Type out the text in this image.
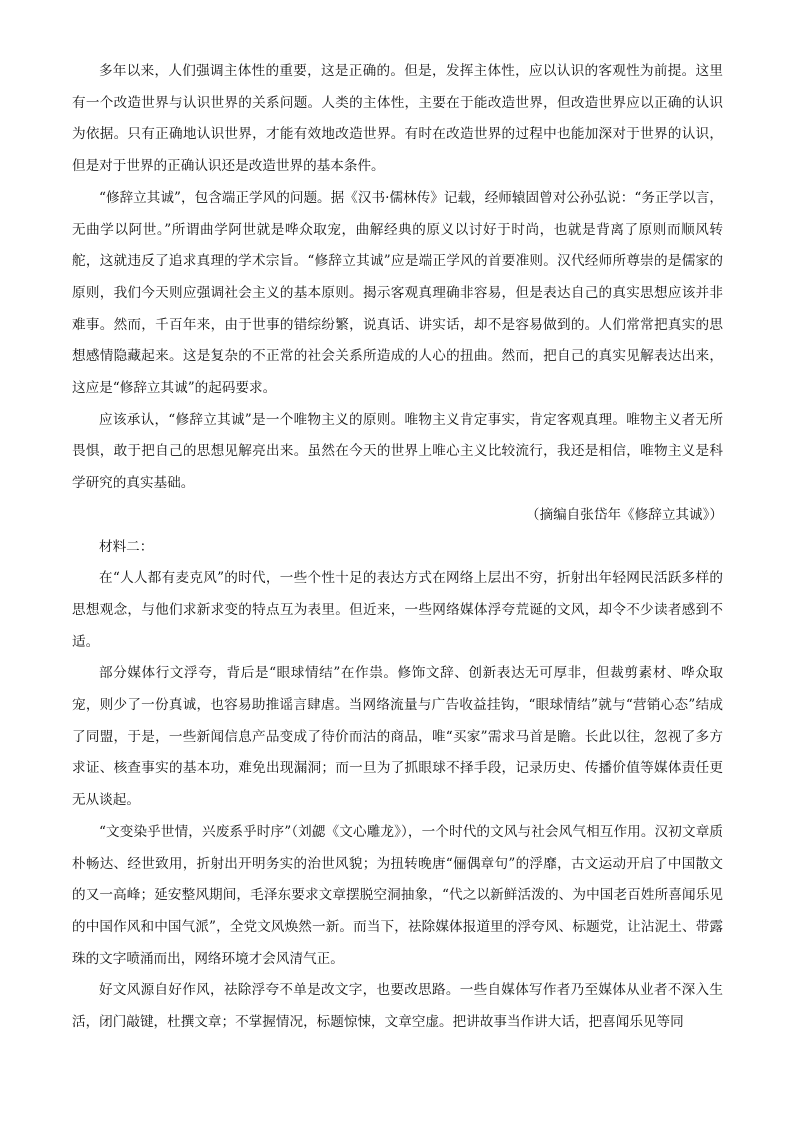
多年以来，人们强调主体性的重要，这是正确的。但是，发挥主体性，应以认识的客观性为前提。这里有一个改造世界与认识世界的关系问题。人类的主体性，主要在于能改造世界，但改造世界应以正确的认识为依据。只有正确地认识世界，才能有效地改造世界。有时在改造世界的过程中也能加深对于世界的认识，但是对于世界的正确认识还是改造世界的基本条件。

“修辞立其诚”，包含端正学风的问题。据《汉书·儒林传》记载，经师辕固曾对公孙弘说：“务正学以言，无曲学以阿世。”所谓曲学阿世就是哗众取宠，曲解经典的原义以讨好于时尚，也就是背离了原则而顺风转舵，这就违反了追求真理的学术宗旨。“修辞立其诚”应是端正学风的首要准则。汉代经师所尊崇的是儒家的原则，我们今天则应强调社会主义的基本原则。揭示客观真理确非容易，但是表达自己的真实思想应该并非难事。然而，千百年来，由于世事的错综纷繁，说真话、讲实话，却不是容易做到的。人们常常把真实的思想感情隐藏起来。这是复杂的不正常的社会关系所造成的人心的扭曲。然而，把自己的真实见解表达出来，这应是“修辞立其诚”的起码要求。

应该承认，“修辞立其诚”是一个唯物主义的原则。唯物主义肯定事实，肯定客观真理。唯物主义者无所畏惧，敢于把自己的思想见解亮出来。虽然在今天的世界上唯心主义比较流行，我还是相信，唯物主义是科学研究的真实基础。

（摘编自张岱年《修辞立其诚》）

材料二：

在“人人都有麦克风”的时代，一些个性十足的表达方式在网络上层出不穷，折射出年轻网民活跃多样的思想观念，与他们求新求变的特点互为表里。但近来，一些网络媒体浮夸荒诞的文风，却令不少读者感到不适。

部分媒体行文浮夸，背后是“眼球情结”在作祟。修饰文辞、创新表达无可厚非，但裁剪素材、哗众取宠，则少了一份真诚，也容易助推谣言肆虐。当网络流量与广告收益挂钩，“眼球情结”就与“营销心态”结成了同盟，于是，一些新闻信息产品变成了待价而沽的商品，唯“买家”需求马首是瞻。长此以往，忽视了多方求证、核查事实的基本功，难免出现漏洞；而一旦为了抓眼球不择手段，记录历史、传播价值等媒体责任更无从谈起。

“文变染乎世情，兴废系乎时序”（刘勰《文心雕龙》），一个时代的文风与社会风气相互作用。汉初文章质朴畅达、经世致用，折射出开明务实的治世风貌；为扭转晚唐“俪偶章句”的浮靡，古文运动开启了中国散文的又一高峰；延安整风期间，毛泽东要求文章摆脱空洞抽象，“代之以新鲜活泼的、为中国老百姓所喜闻乐见的中国作风和中国气派”，全党文风焕然一新。而当下，祛除媒体报道里的浮夸风、标题党，让沾泥土、带露珠的文字喷涌而出，网络环境才会风清气正。

好文风源自好作风，祛除浮夸不单是改文字，也要改思路。一些自媒体写作者乃至媒体从业者不深入生活，闭门敲键，杜撰文章；不掌握情况，标题惊悚，文章空虚。把讲故事当作讲大话，把喜闻乐见等同
